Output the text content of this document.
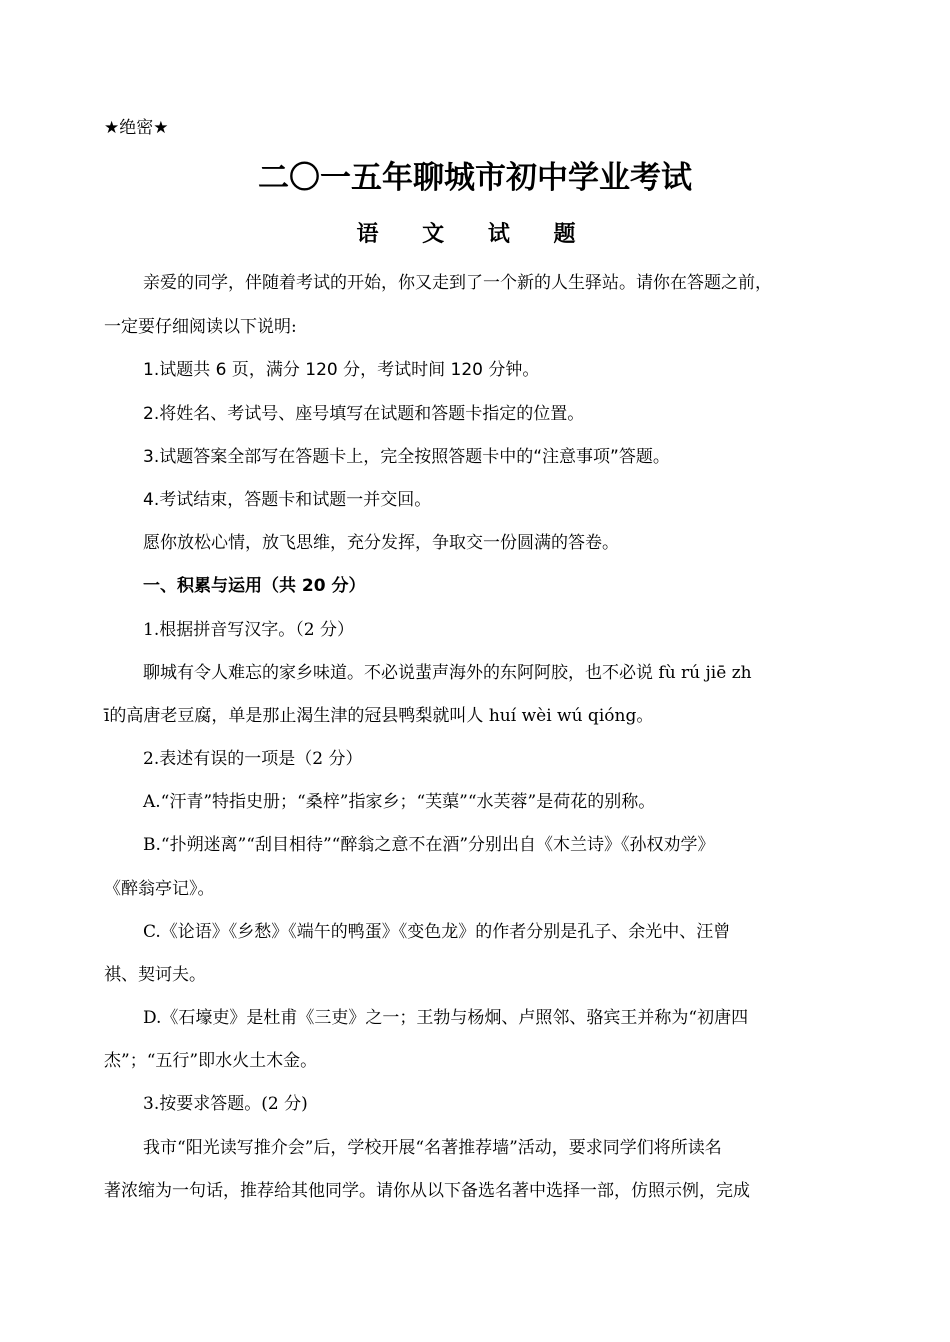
★绝密★
二〇一五年聊城市初中学业考试
语 文 试 题
亲爱的同学，伴随着考试的开始，你又走到了一个新的人生驿站。请你在答题之前，
一定要仔细阅读以下说明:
1.试题共 6 页，满分 120 分，考试时间 120 分钟。
2.将姓名、考试号、座号填写在试题和答题卡指定的位置。
3.试题答案全部写在答题卡上，完全按照答题卡中的“注意事项”答题。
4.考试结束，答题卡和试题一并交回。
愿你放松心情，放飞思维，充分发挥，争取交一份圆满的答卷。
一、积累与运用（共 20 分）
1.根据拼音写汉字。（2 分）
聊城有令人难忘的家乡味道。不必说蜚声海外的东阿阿胶，也不必说 fù rú jiē zh
ī的高唐老豆腐，单是那止渴生津的冠县鸭梨就叫人 huí wèi wú qióng。
2.表述有误的一项是（2 分）
A.“汗青”特指史册；“桑梓”指家乡；“芙蕖”“水芙蓉”是荷花的别称。
B.“扑朔迷离”“刮目相待”“醉翁之意不在酒”分别出自《木兰诗》《孙权劝学》
《醉翁亭记》。
C.《论语》《乡愁》《端午的鸭蛋》《变色龙》的作者分别是孔子、余光中、汪曾
祺、契诃夫。
D.《石壕吏》是杜甫《三吏》之一；王勃与杨炯、卢照邻、骆宾王并称为“初唐四
杰”；“五行”即水火土木金。
3.按要求答题。(2 分)
我市“阳光读写推介会”后，学校开展“名著推荐墙”活动，要求同学们将所读名
著浓缩为一句话，推荐给其他同学。请你从以下备选名著中选择一部，仿照示例，完成
